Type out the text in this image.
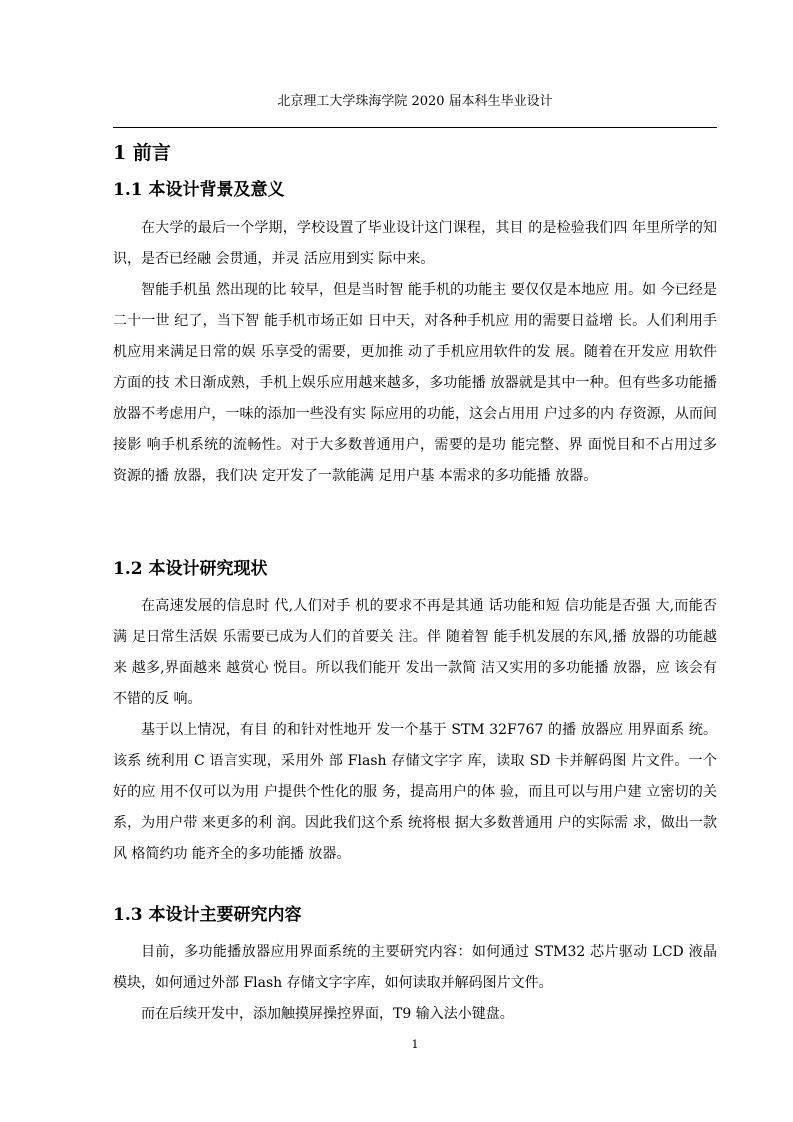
北京理工大学珠海学院 2020 届本科生毕业设计
1 前言
1.1 本设计背景及意义

在大学的最后一个学期，学校设置了毕业设计这门课程，其目 的是检验我们四 年里所学的知 识，是否已经融 会贯通，并灵 活应用到实 际中来。

智能手机虽 然出现的比 较早，但是当时智 能手机的功能主 要仅仅是本地应 用。如 今已经是二十一世 纪了，当下智 能手机市场正如 日中天，对各种手机应 用的需要日益增 长。人们利用手 机应用来满足日常的娱 乐享受的需要，更加推 动了手机应用软件的发 展。随着在开发应 用软件方面的技 术日渐成熟，手机上娱乐应用越来越多，多功能播 放器就是其中一种。但有些多功能播 放器不考虑用户，一味的添加一些没有实 际应用的功能，这会占用用 户过多的内 存资源，从而间接影 响手机系统的流畅性。对于大多数普通用户，需要的是功 能完整、界 面悦目和不占用过多 资源的播 放器，我们决 定开发了一款能满 足用户基 本需求的多功能播 放器。

1.2 本设计研究现状

在高速发展的信息时 代,人们对手 机的要求不再是其通 话功能和短 信功能是否强 大,而能否满 足日常生活娱 乐需要已成为人们的首要关 注。伴 随着智 能手机发展的东风,播 放器的功能越来 越多,界面越来 越赏心 悦目。所以我们能开 发出一款简 洁又实用的多功能播 放器，应 该会有不错的反 响。

基于以上情况，有目 的和针对性地开 发一个基于 STM 32F767 的播 放器应 用界面系 统。该系 统利用 C 语言实现，采用外 部 Flash 存储文字字 库，读取 SD 卡并解码图 片文件。一个好的应 用不仅可以为用 户提供个性化的服 务，提高用户的体 验，而且可以与用户建 立密切的关 系，为用户带 来更多的利 润。因此我们这个系 统将根 据大多数普通用 户的实际需 求，做出一款风 格简约功 能齐全的多功能播 放器。

1.3 本设计主要研究内容

目前，多功能播放器应用界面系统的主要研究内容：如何通过 STM32 芯片驱动 LCD 液晶模块，如何通过外部 Flash 存储文字字库，如何读取并解码图片文件。

而在后续开发中，添加触摸屏操控界面，T9 输入法小键盘。

1
